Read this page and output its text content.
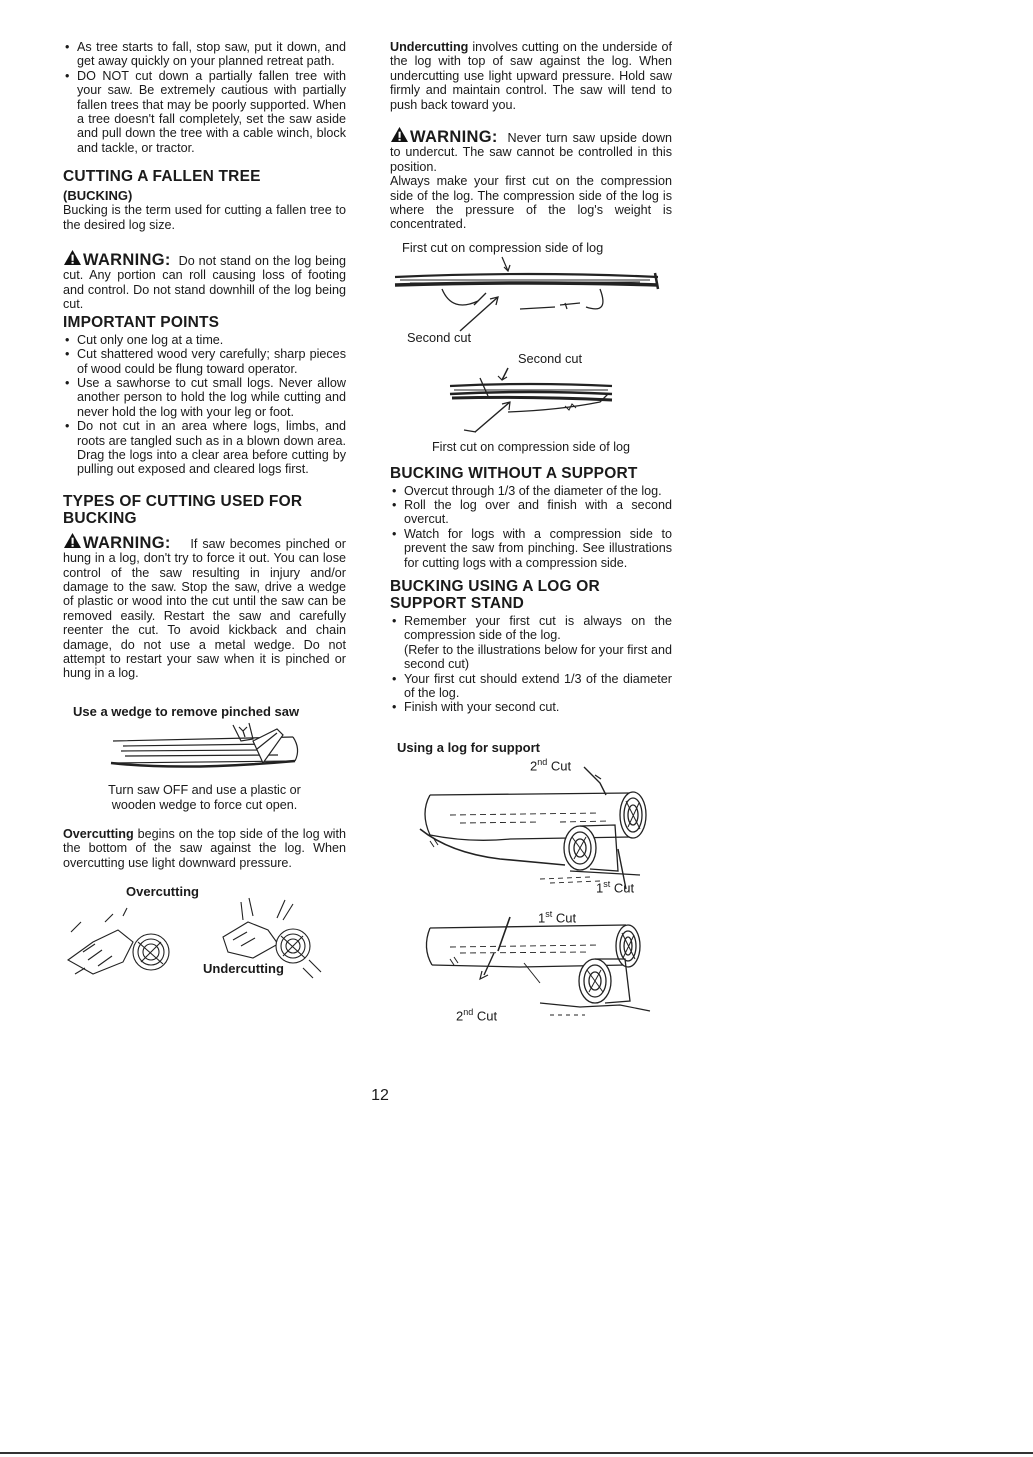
• As tree starts to fall, stop saw, put it down, and get away quickly on your planned retreat path.
• DO NOT cut down a partially fallen tree with your saw. Be extremely cautious with partially fallen trees that may be poorly supported. When a tree doesn't fall completely, set the saw aside and pull down the tree with a cable winch, block and tackle, or tractor.
CUTTING A FALLEN TREE
(BUCKING)

Bucking is the term used for cutting a fallen tree to the desired log size.

WARNING: Do not stand on the log being cut. Any portion can roll causing loss of footing and control. Do not stand downhill of the log being cut.

IMPORTANT POINTS
• Cut only one log at a time.
• Cut shattered wood very carefully; sharp pieces of wood could be flung toward operator.
• Use a sawhorse to cut small logs. Never allow another person to hold the log while cutting and never hold the log with your leg or foot.
• Do not cut in an area where logs, limbs, and roots are tangled such as in a blown down area. Drag the logs into a clear area before cutting by pulling out exposed and cleared logs first.
TYPES OF CUTTING USED FOR BUCKING

WARNING: If saw becomes pinched or hung in a log, don't try to force it out. You can lose control of the saw resulting in injury and/or damage to the saw. Stop the saw, drive a wedge of plastic or wood into the cut until the saw can be removed easily. Restart the saw and carefully reenter the cut. To avoid kickback and chain damage, do not use a metal wedge. Do not attempt to restart your saw when it is pinched or hung in a log.

Use a wedge to remove pinched saw
Turn saw OFF and use a plastic or wooden wedge to force cut open.

Overcutting begins on the top side of the log with the bottom of the saw against the log. When overcutting use light downward pressure.

Overcutting
Undercutting

Undercutting involves cutting on the underside of the log with top of saw against the log. When undercutting use light upward pressure. Hold saw firmly and maintain control. The saw will tend to push back toward you.

WARNING: Never turn saw upside down to undercut. The saw cannot be controlled in this position.

Always make your first cut on the compression side of the log. The compression side of the log is where the pressure of the log's weight is concentrated.

First cut on compression side of log
Second cut
Second cut
First cut on compression side of log
BUCKING WITHOUT A SUPPORT
• Overcut through 1/3 of the diameter of the log.
• Roll the log over and finish with a second overcut.
• Watch for logs with a compression side to prevent the saw from pinching. See illustrations for cutting logs with a compression side.
BUCKING USING A LOG OR
SUPPORT STAND
• Remember your first cut is always on the compression side of the log.
(Refer to the illustrations below for your first and second cut)
• Your first cut should extend 1/3 of the diameter of the log.
• Finish with your second cut.
Using a log for support
2nd Cut
1st Cut
1st Cut
2nd Cut
12
